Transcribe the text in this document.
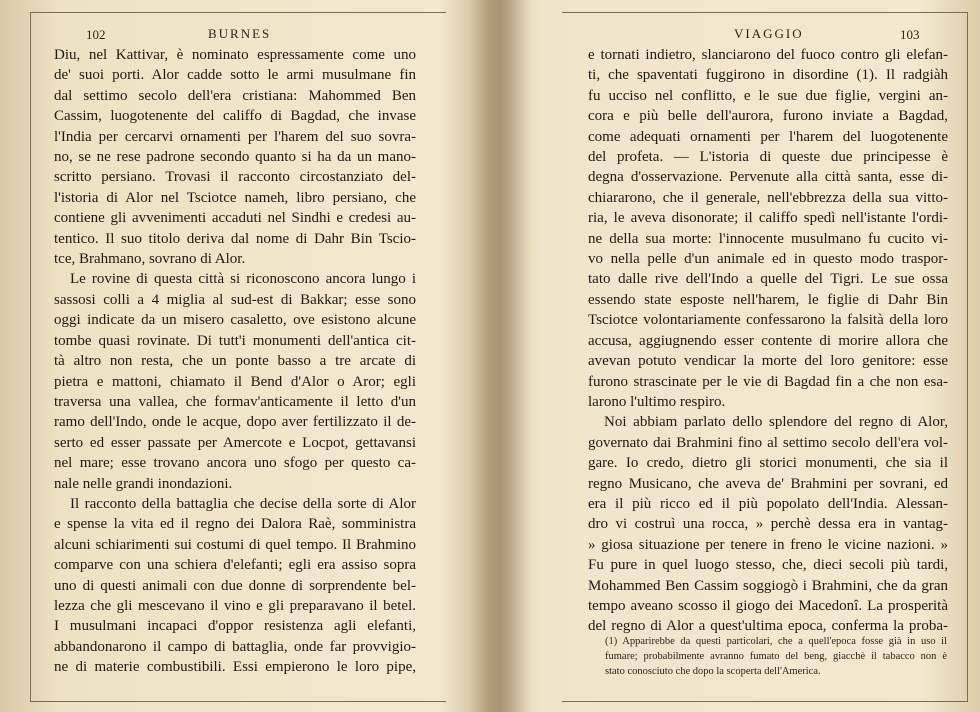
102	BURNES
Diu, nel Kattivar, è nominato espressamente come uno
de' suoi porti. Alor cadde sotto le armi musulmane fin
dal settimo secolo dell'era cristiana: Mahommed Ben
Cassim, luogotenente del califfo di Bagdad, che invase
l'India per cercarvi ornamenti per l'harem del suo sovra-
no, se ne rese padrone secondo quanto si ha da un mano-
scritto persiano. Trovasi il racconto circostanziato del-
l'istoria di Alor nel Tsciotce nameh, libro persiano, che
contiene gli avvenimenti accaduti nel Sindhi e credesi au-
tentico. Il suo titolo deriva dal nome di Dahr Bin Tscio-
tce, Brahmano, sovrano di Alor.
Le rovine di questa città si riconoscono ancora lungo i
sassosi colli a 4 miglia al sud-est di Bakkar; esse sono
oggi indicate da un misero casaletto, ove esistono alcune
tombe quasi rovinate. Di tutt'i monumenti dell'antica cit-
tà altro non resta, che un ponte basso a tre arcate di
pietra e mattoni, chiamato il Bend d'Alor o Aror; egli
traversa una vallea, che formav'anticamente il letto d'un
ramo dell'Indo, onde le acque, dopo aver fertilizzato il de-
serto ed esser passate per Amercote e Locpot, gettavansi
nel mare; esse trovano ancora uno sfogo per questo ca-
nale nelle grandi inondazioni.
Il racconto della battaglia che decise della sorte di Alor
e spense la vita ed il regno dei Dalora Raè, somministra
alcuni schiarimenti sui costumi di quel tempo. Il Brahmino
comparve con una schiera d'elefanti; egli era assiso sopra
uno di questi animali con due donne di sorprendente bel-
lezza che gli mescevano il vino e gli preparavano il betel.
I musulmani incapaci d'oppor resistenza agli elefanti,
abbandonarono il campo di battaglia, onde far provvigio-
ne di materie combustibili. Essi empierono le loro pipe,
VIAGGIO	103
e tornati indietro, slanciarono del fuoco contro gli elefan-
ti, che spaventati fuggirono in disordine (1). Il radgiàh
fu ucciso nel conflitto, e le sue due figlie, vergini an-
cora e più belle dell'aurora, furono inviate a Bagdad,
come adequati ornamenti per l'harem del luogotenente
del profeta. — L'istoria di queste due principesse è
degna d'osservazione. Pervenute alla città santa, esse di-
chiararono, che il generale, nell'ebbrezza della sua vitto-
ria, le aveva disonorate; il califfo spedì nell'istante l'ordi-
ne della sua morte: l'innocente musulmano fu cucito vi-
vo nella pelle d'un animale ed in questo modo traspor-
tato dalle rive dell'Indo a quelle del Tigri. Le sue ossa
essendo state esposte nell'harem, le figlie di Dahr Bin
Tsciotce volontariamente confessarono la falsità della loro
accusa, aggiugnendo esser contente di morire allora che
avevan potuto vendicar la morte del loro genitore: esse
furono strascinate per le vie di Bagdad fin a che non esa-
larono l'ultimo respiro.
Noi abbiam parlato dello splendore del regno di Alor,
governato dai Brahmini fino al settimo secolo dell'era vol-
gare. Io credo, dietro gli storici monumenti, che sia il
regno Musicano, che aveva de' Brahmini per sovrani, ed
era il più ricco ed il più popolato dell'India. Alessan-
dro vi costruì una rocca, » perchè dessa era in vantag-
» giosa situazione per tenere in freno le vicine nazioni. »
Fu pure in quel luogo stesso, che, dieci secoli più tardi,
Mohammed Ben Cassim soggiogò i Brahmini, che da gran
tempo aveano scosso il giogo dei Macedonî. La prosperità
del regno di Alor a quest'ultima epoca, conferma la proba-
(1) Apparirebbe da questi particolari, che a quell'epoca fosse già in uso il
fumare; probabilmente avranno fumato del beng, giacchè il tabacco non è
stato conosciuto che dopo la scoperta dell'America.
